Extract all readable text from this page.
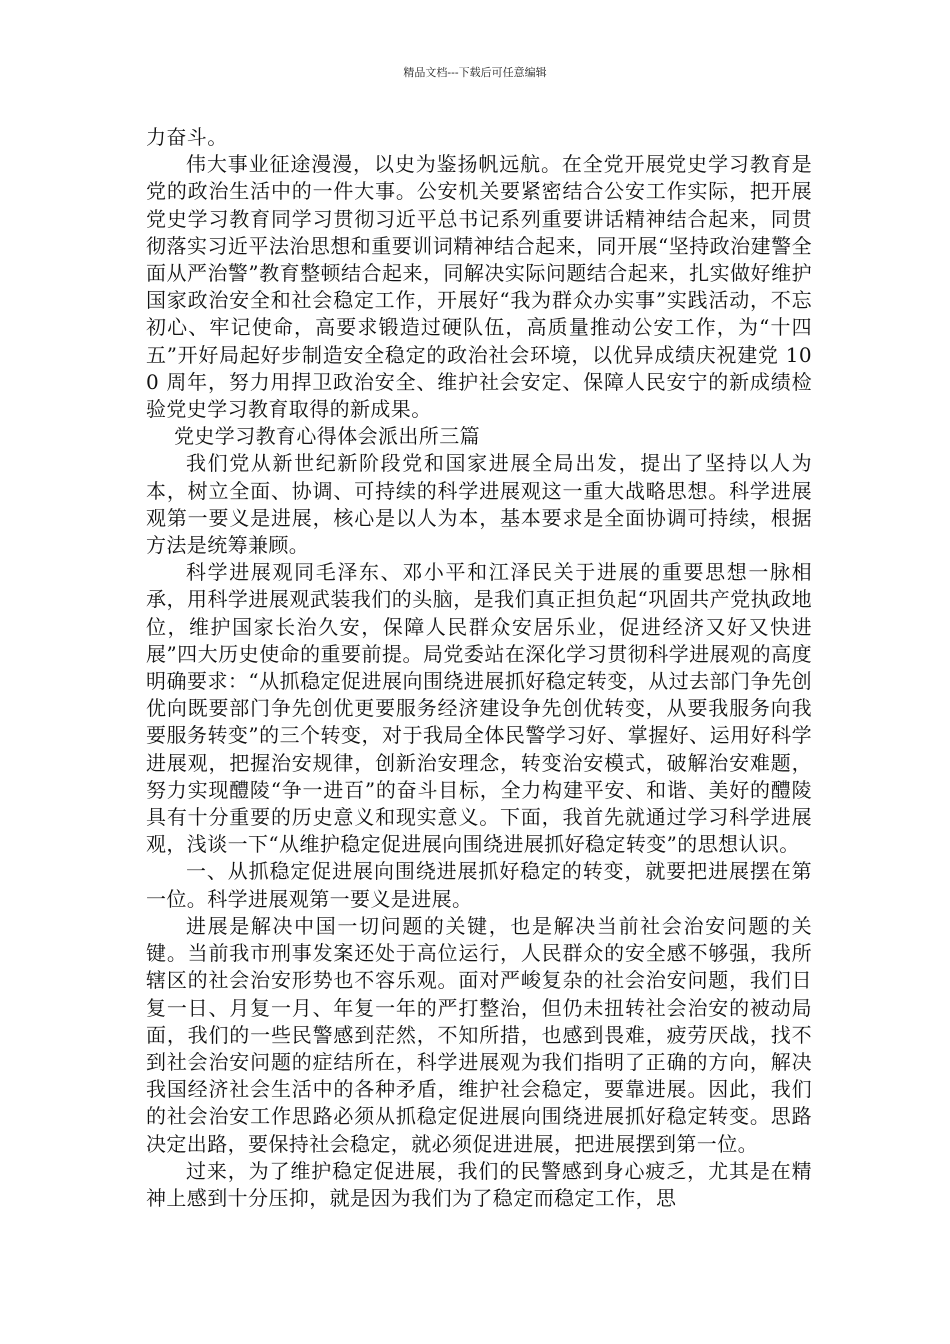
精品文档---下载后可任意编辑

力奋斗。

伟大事业征途漫漫，以史为鉴扬帆远航。在全党开展党史学习教育是党的政治生活中的一件大事。公安机关要紧密结合公安工作实际，把开展党史学习教育同学习贯彻习近平总书记系列重要讲话精神结合起来，同贯彻落实习近平法治思想和重要训词精神结合起来，同开展“坚持政治建警全面从严治警”教育整顿结合起来，同解决实际问题结合起来，扎实做好维护国家政治安全和社会稳定工作，开展好“我为群众办实事”实践活动，不忘初心、牢记使命，高要求锻造过硬队伍，高质量推动公安工作，为“十四五”开好局起好步制造安全稳定的政治社会环境，以优异成绩庆祝建党 100 周年，努力用捍卫政治安全、维护社会安定、保障人民安宁的新成绩检验党史学习教育取得的新成果。

党史学习教育心得体会派出所三篇

我们党从新世纪新阶段党和国家进展全局出发，提出了坚持以人为本，树立全面、协调、可持续的科学进展观这一重大战略思想。科学进展观第一要义是进展，核心是以人为本，基本要求是全面协调可持续，根据方法是统筹兼顾。

科学进展观同毛泽东、邓小平和江泽民关于进展的重要思想一脉相承，用科学进展观武装我们的头脑，是我们真正担负起“巩固共产党执政地位，维护国家长治久安，保障人民群众安居乐业，促进经济又好又快进展”四大历史使命的重要前提。局党委站在深化学习贯彻科学进展观的高度明确要求：“从抓稳定促进展向围绕进展抓好稳定转变，从过去部门争先创优向既要部门争先创优更要服务经济建设争先创优转变，从要我服务向我要服务转变”的三个转变，对于我局全体民警学习好、掌握好、运用好科学进展观，把握治安规律，创新治安理念，转变治安模式，破解治安难题，努力实现醴陵“争一进百”的奋斗目标，全力构建平安、和谐、美好的醴陵具有十分重要的历史意义和现实意义。下面，我首先就通过学习科学进展观，浅谈一下“从维护稳定促进展向围绕进展抓好稳定转变”的思想认识。

一、从抓稳定促进展向围绕进展抓好稳定的转变，就要把进展摆在第一位。科学进展观第一要义是进展。

进展是解决中国一切问题的关键，也是解决当前社会治安问题的关键。当前我市刑事发案还处于高位运行，人民群众的安全感不够强，我所辖区的社会治安形势也不容乐观。面对严峻复杂的社会治安问题，我们日复一日、月复一月、年复一年的严打整治，但仍未扭转社会治安的被动局面，我们的一些民警感到茫然，不知所措，也感到畏难，疲劳厌战，找不到社会治安问题的症结所在，科学进展观为我们指明了正确的方向，解决我国经济社会生活中的各种矛盾，维护社会稳定，要靠进展。因此，我们的社会治安工作思路必须从抓稳定促进展向围绕进展抓好稳定转变。思路决定出路，要保持社会稳定，就必须促进进展，把进展摆到第一位。

过来，为了维护稳定促进展，我们的民警感到身心疲乏，尤其是在精神上感到十分压抑，就是因为我们为了稳定而稳定工作，思
